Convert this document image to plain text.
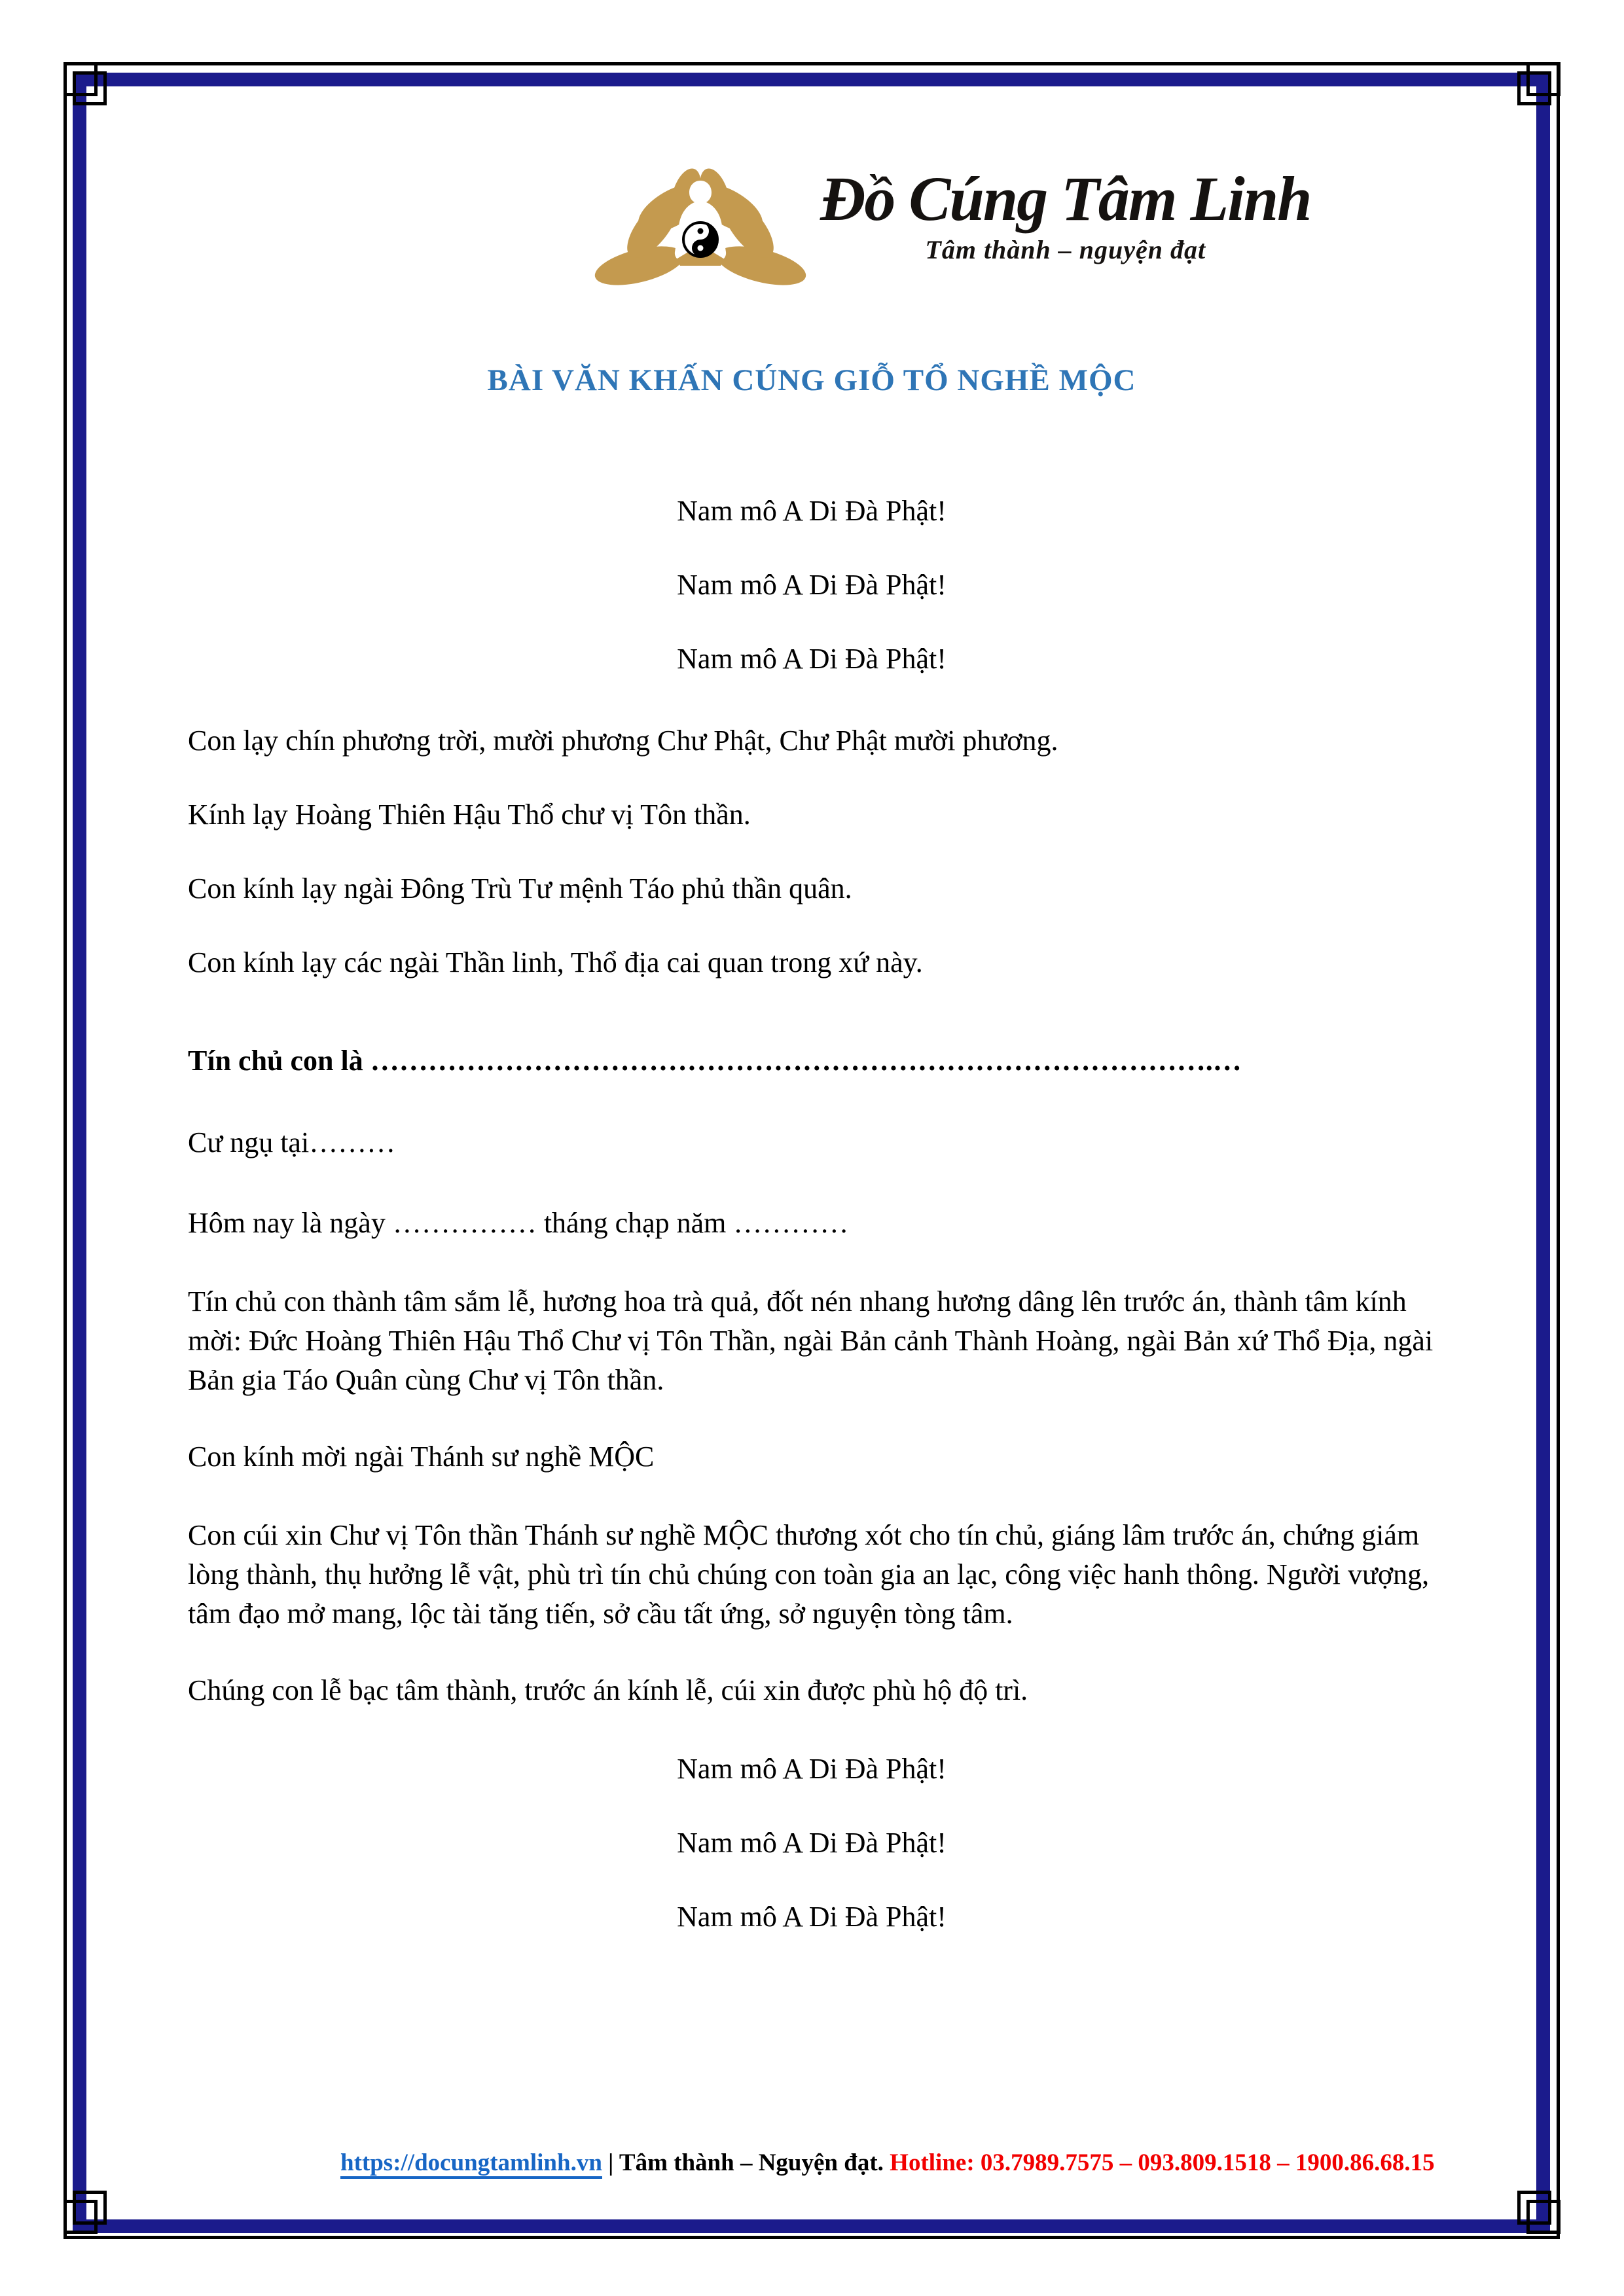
Đồ Cúng Tâm Linh
Tâm thành – nguyện đạt
BÀI VĂN KHẤN CÚNG GIỖ TỔ NGHỀ MỘC
Nam mô A Di Đà Phật!
Nam mô A Di Đà Phật!
Nam mô A Di Đà Phật!
Con lạy chín phương trời, mười phương Chư Phật, Chư Phật mười phương.
Kính lạy Hoàng Thiên Hậu Thổ chư vị Tôn thần.
Con kính lạy ngài Đông Trù Tư mệnh Táo phủ thần quân.
Con kính lạy các ngài Thần linh, Thổ địa cai quan trong xứ này.
Tín chủ con là …………………………………………………………………………….…
Cư ngụ tại………
Hôm nay là ngày …………… tháng chạp năm …………
Tín chủ con thành tâm sắm lễ, hương hoa trà quả, đốt nén nhang hương dâng lên trước án, thành tâm kính mời: Đức Hoàng Thiên Hậu Thổ Chư vị Tôn Thần, ngài Bản cảnh Thành Hoàng, ngài Bản xứ Thổ Địa, ngài Bản gia Táo Quân cùng Chư vị Tôn thần.
Con kính mời ngài Thánh sư nghề MỘC
Con cúi xin Chư vị Tôn thần Thánh sư nghề MỘC thương xót cho tín chủ, giáng lâm trước án, chứng giám lòng thành, thụ hưởng lễ vật, phù trì tín chủ chúng con toàn gia an lạc, công việc hanh thông. Người vượng, tâm đạo mở mang, lộc tài tăng tiến, sở cầu tất ứng, sở nguyện tòng tâm.
Chúng con lễ bạc tâm thành, trước án kính lễ, cúi xin được phù hộ độ trì.
Nam mô A Di Đà Phật!
Nam mô A Di Đà Phật!
Nam mô A Di Đà Phật!
https://docungtamlinh.vn | Tâm thành – Nguyện đạt. Hotline: 03.7989.7575 – 093.809.1518 – 1900.86.68.15
